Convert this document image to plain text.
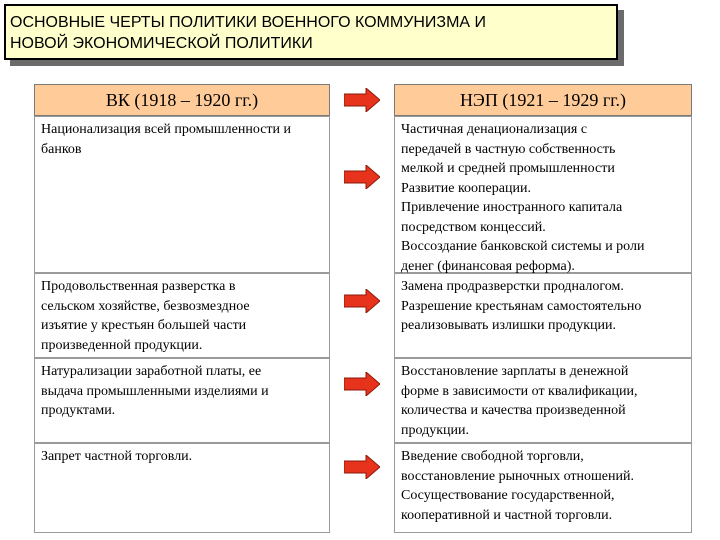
ОСНОВНЫЕ ЧЕРТЫ ПОЛИТИКИ ВОЕННОГО КОММУНИЗМА И
НОВОЙ ЭКОНОМИЧЕСКОЙ ПОЛИТИКИ
ВК (1918 – 1920 гг.)	НЭП (1921 – 1929 гг.)
Национализация всей промышленности и
банков
Частичная денационализация с
передачей в частную собственность
мелкой и средней промышленности
Развитие кооперации.
Привлечение иностранного капитала
посредством концессий.
Воссоздание банковской системы и роли
денег (финансовая реформа).
Продовольственная разверстка в
сельском хозяйстве, безвозмездное
изъятие у крестьян большей части
произведенной продукции.
Замена продразверстки продналогом.
Разрешение крестьянам самостоятельно
реализовывать излишки продукции.
Натурализации заработной платы, ее
выдача промышленными изделиями и
продуктами.
Восстановление зарплаты в денежной
форме в зависимости от квалификации,
количества и качества произведенной
продукции.
Запрет частной торговли.	Введение свободной торговли,
восстановление рыночных отношений.
Сосуществование государственной,
кооперативной и частной торговли.
